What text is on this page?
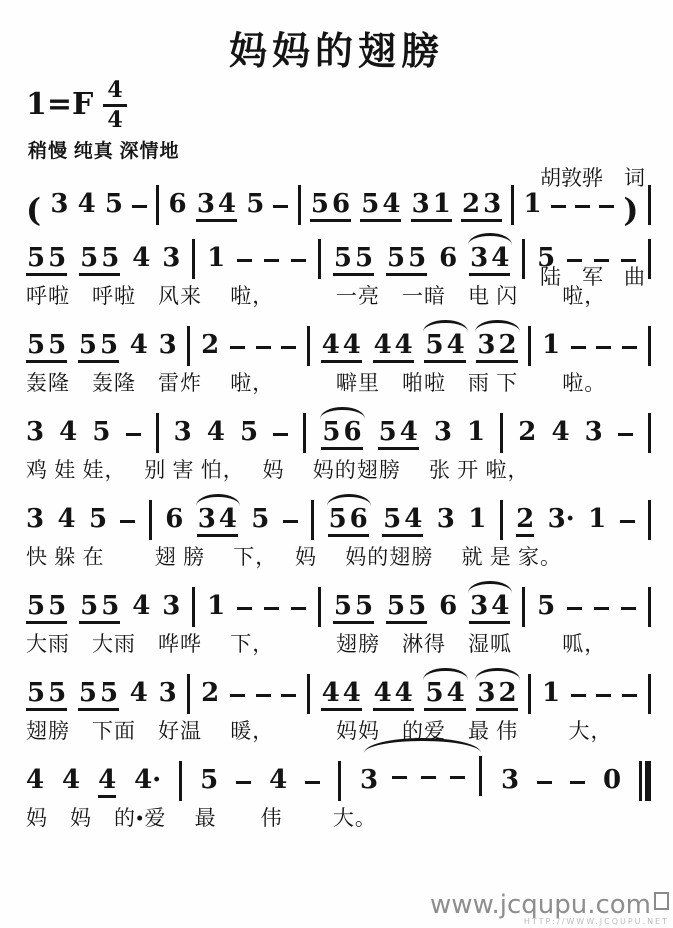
妈妈的翅膀
$1=F \frac{4}{4}$
稍慢 纯真 深情地

胡敦骅　词

陆　军　曲

( 3 4 5 6 3 4 5 5 6 5 4 3 1 2 3 1	)
5 5 5 5 4 3 1	5 5 5 5 6 3 4 5
呼啦　呼啦　风来　 啦，　　　 一亮　一暗　电 闪　　啦，
5 5 5 5 4 3 2	4 4 4 4 5 4 3 2 1
轰隆　轰隆　雷炸　 啦，　　　 噼里　啪啦　雨 下　　啦。
3 4 5 3 4 5 5 6 5 4 3 1 2 4 3
鸡 娃 娃，　 别 害 怕，　 妈　 妈的翅膀　 张 开 啦，
3 4 5 6 3 4 5 5 6 5 4 3 1 2 3· 1
快 躲 在　　 翅 膀　 下，　 妈　 妈的翅膀　 就 是 家。
5 5 5 5 4 3 1	5 5 5 5 6 3 4 5
大雨　大雨　哗哗　 下，　　　 翅膀　淋得　湿呱　　 呱，
5 5 5 5 4 3 2	4 4 4 4 5 4 3 2 1
翅膀　下面　好温　 暖，　　　 妈妈　的爱　最 伟　　 大，
4 4 4 4· 5 4	3	3	0
妈　妈　的•爱　 最　　伟　　 大。
www.jcqupu.com
HTTP://WWW.JCQUPU.NET
